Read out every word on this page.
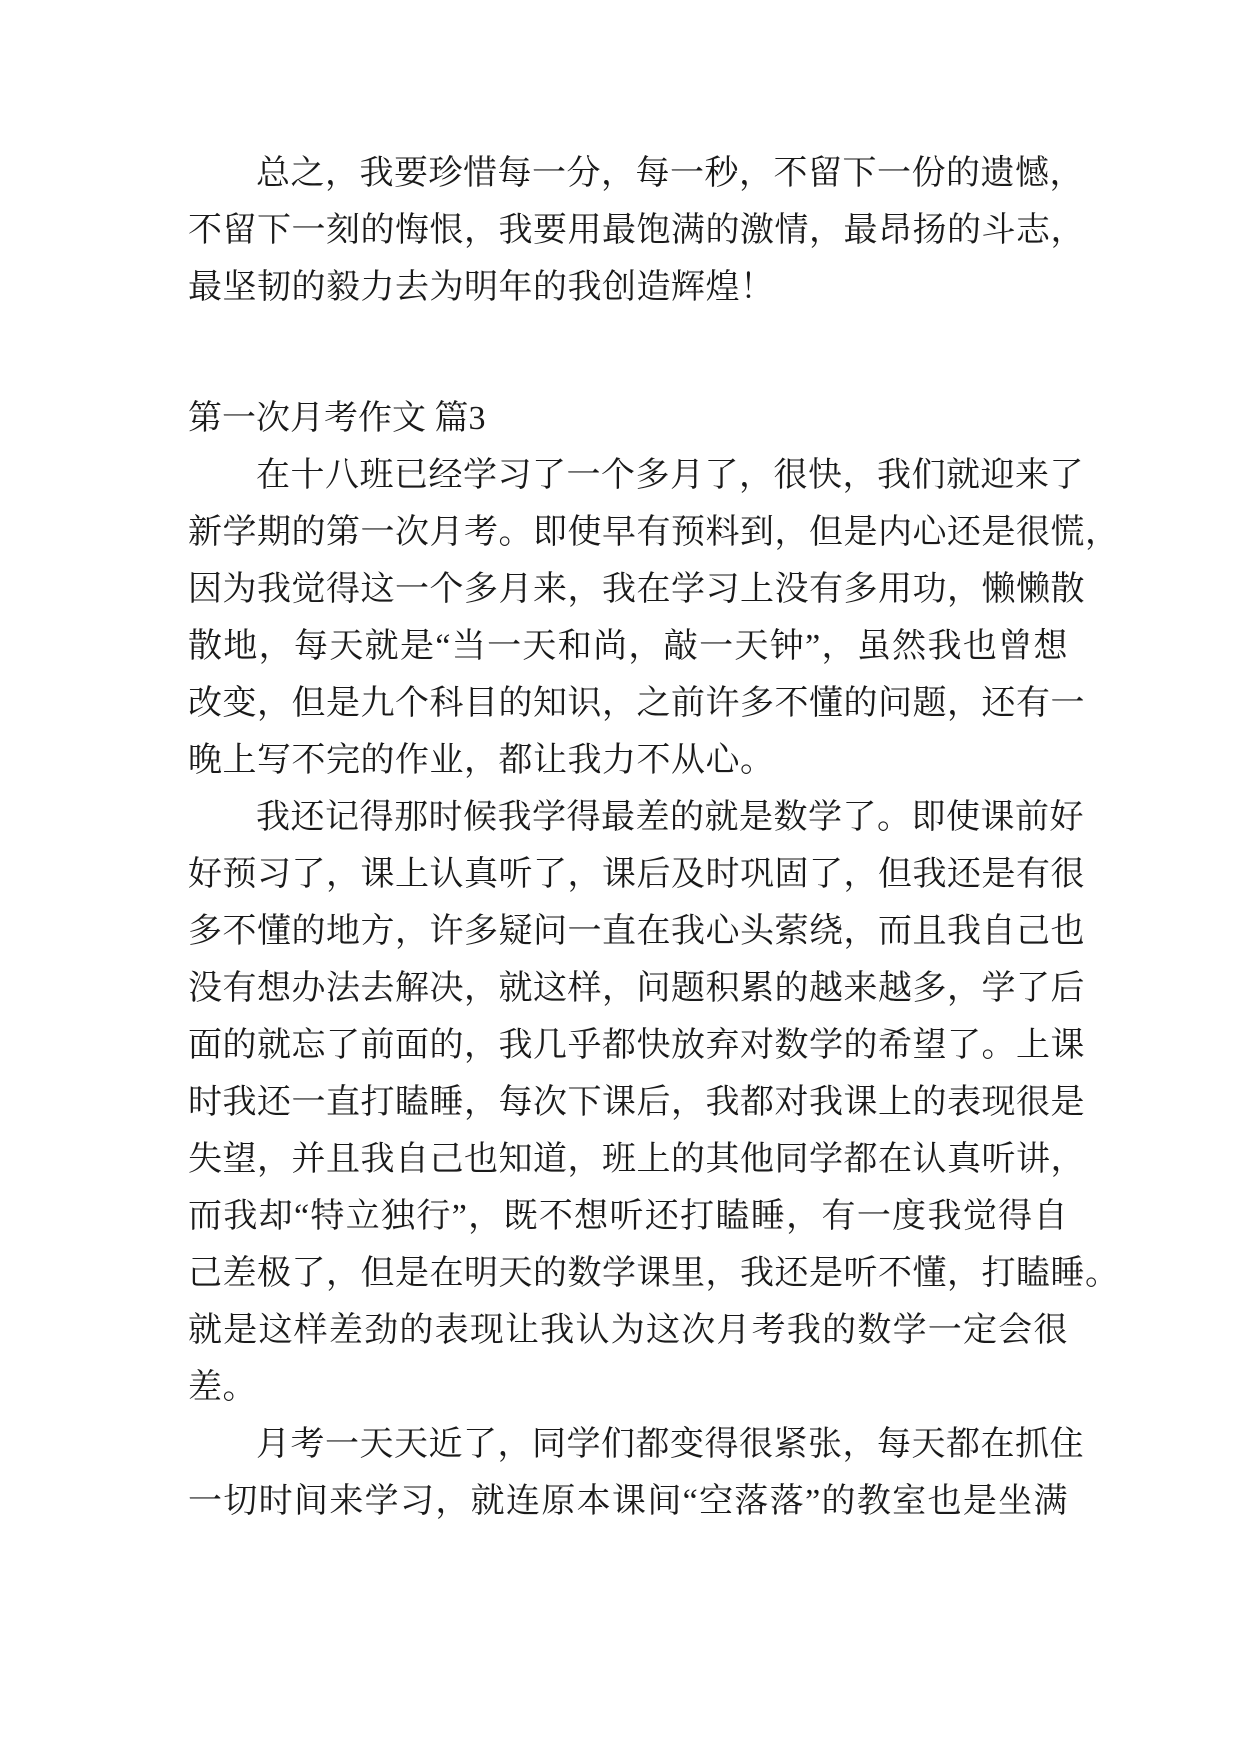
总之，我要珍惜每一分，每一秒，不留下一份的遗憾，
不留下一刻的悔恨，我要用最饱满的激情，最昂扬的斗志，
最坚韧的毅力去为明年的我创造辉煌！
第一次月考作文 篇3
在十八班已经学习了一个多月了，很快，我们就迎来了
新学期的第一次月考。即使早有预料到，但是内心还是很慌，
因为我觉得这一个多月来，我在学习上没有多用功，懒懒散
散地，每天就是“当一天和尚，敲一天钟”，虽然我也曾想
改变，但是九个科目的知识，之前许多不懂的问题，还有一
晚上写不完的作业，都让我力不从心。
我还记得那时候我学得最差的就是数学了。即使课前好
好预习了，课上认真听了，课后及时巩固了，但我还是有很
多不懂的地方，许多疑问一直在我心头萦绕，而且我自己也
没有想办法去解决，就这样，问题积累的越来越多，学了后
面的就忘了前面的，我几乎都快放弃对数学的希望了。上课
时我还一直打瞌睡，每次下课后，我都对我课上的表现很是
失望，并且我自己也知道，班上的其他同学都在认真听讲，
而我却“特立独行”，既不想听还打瞌睡，有一度我觉得自
己差极了，但是在明天的数学课里，我还是听不懂，打瞌睡。
就是这样差劲的表现让我认为这次月考我的数学一定会很
差。
月考一天天近了，同学们都变得很紧张，每天都在抓住
一切时间来学习，就连原本课间“空落落”的教室也是坐满
